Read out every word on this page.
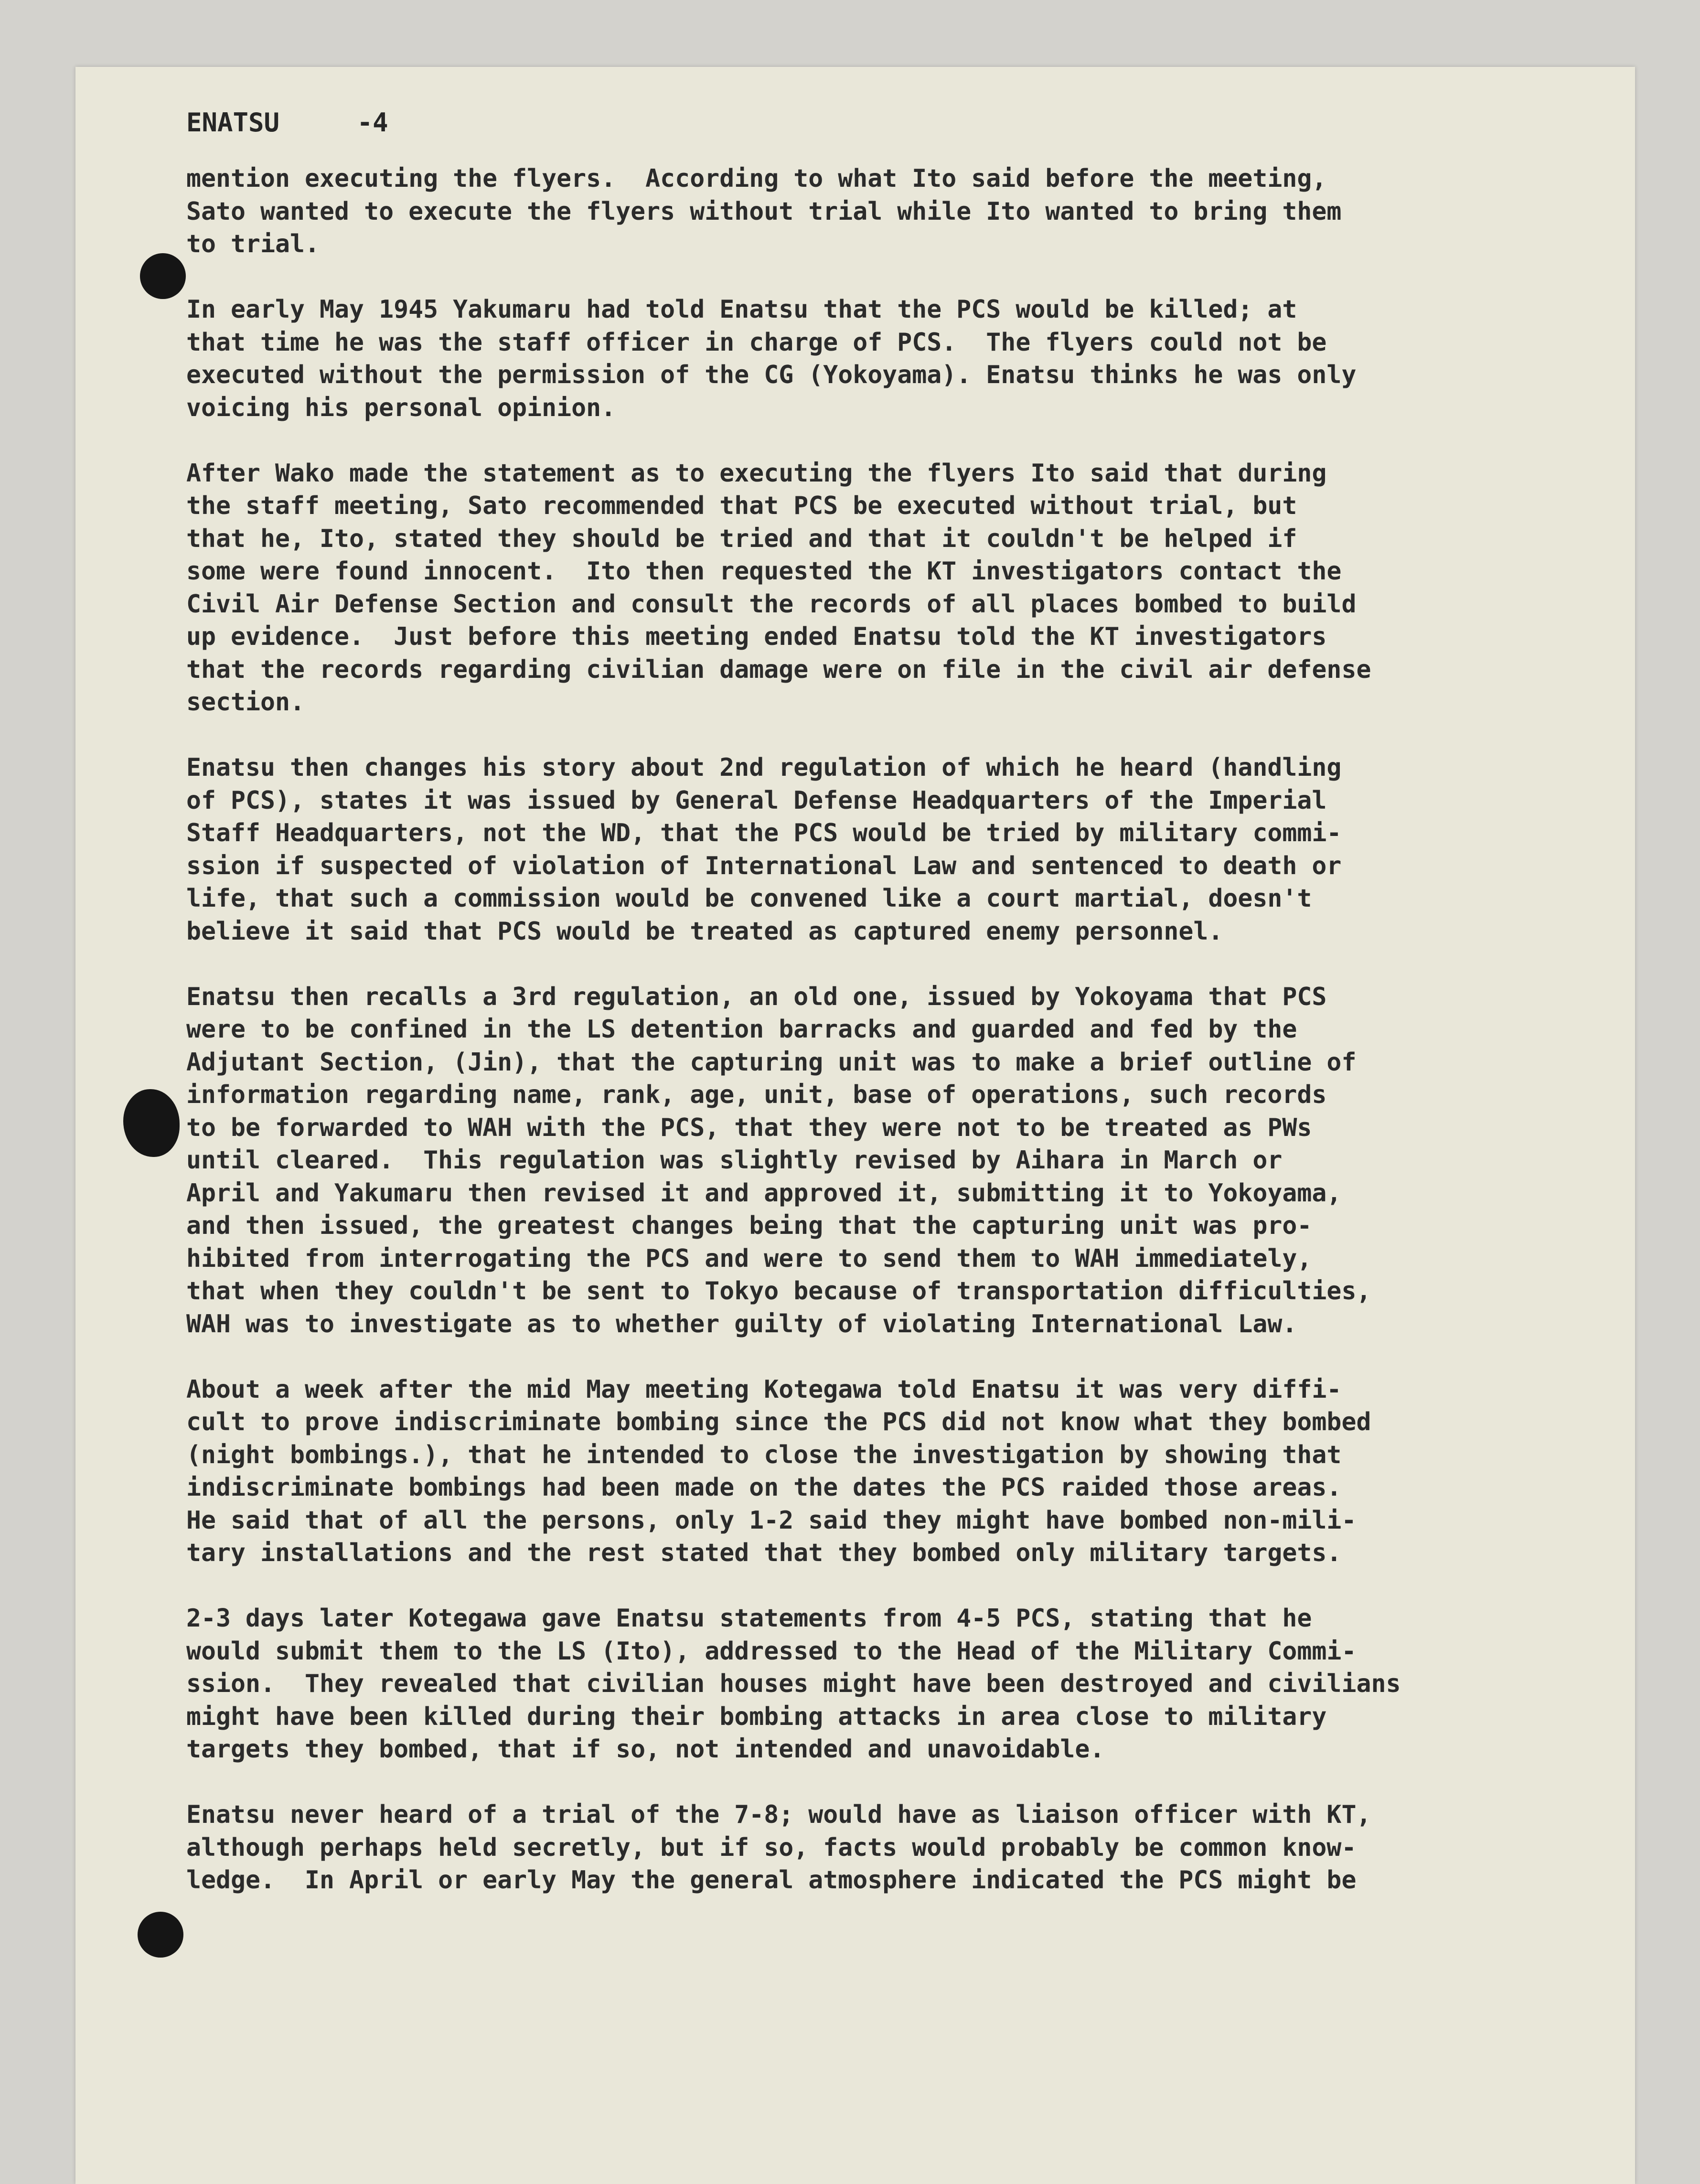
ENATSU	-4
mention executing the flyers.  According to what Ito said before the meeting,
Sato wanted to execute the flyers without trial while Ito wanted to bring them
to trial.
In early May 1945 Yakumaru had told Enatsu that the PCS would be killed; at
that time he was the staff officer in charge of PCS.  The flyers could not be
executed without the permission of the CG (Yokoyama). Enatsu thinks he was only
voicing his personal opinion.
After Wako made the statement as to executing the flyers Ito said that during
the staff meeting, Sato recommended that PCS be executed without trial, but
that he, Ito, stated they should be tried and that it couldn't be helped if
some were found innocent.  Ito then requested the KT investigators contact the
Civil Air Defense Section and consult the records of all places bombed to build
up evidence.  Just before this meeting ended Enatsu told the KT investigators
that the records regarding civilian damage were on file in the civil air defense
section.
Enatsu then changes his story about 2nd regulation of which he heard (handling
of PCS), states it was issued by General Defense Headquarters of the Imperial
Staff Headquarters, not the WD, that the PCS would be tried by military commi-
ssion if suspected of violation of International Law and sentenced to death or
life, that such a commission would be convened like a court martial, doesn't
believe it said that PCS would be treated as captured enemy personnel.
Enatsu then recalls a 3rd regulation, an old one, issued by Yokoyama that PCS
were to be confined in the LS detention barracks and guarded and fed by the
Adjutant Section, (Jin), that the capturing unit was to make a brief outline of
information regarding name, rank, age, unit, base of operations, such records
to be forwarded to WAH with the PCS, that they were not to be treated as PWs
until cleared.  This regulation was slightly revised by Aihara in March or
April and Yakumaru then revised it and approved it, submitting it to Yokoyama,
and then issued, the greatest changes being that the capturing unit was pro-
hibited from interrogating the PCS and were to send them to WAH immediately,
that when they couldn't be sent to Tokyo because of transportation difficulties,
WAH was to investigate as to whether guilty of violating International Law.
About a week after the mid May meeting Kotegawa told Enatsu it was very diffi-
cult to prove indiscriminate bombing since the PCS did not know what they bombed
(night bombings.), that he intended to close the investigation by showing that
indiscriminate bombings had been made on the dates the PCS raided those areas.
He said that of all the persons, only 1-2 said they might have bombed non-mili-
tary installations and the rest stated that they bombed only military targets.
2-3 days later Kotegawa gave Enatsu statements from 4-5 PCS, stating that he
would submit them to the LS (Ito), addressed to the Head of the Military Commi-
ssion.  They revealed that civilian houses might have been destroyed and civilians
might have been killed during their bombing attacks in area close to military
targets they bombed, that if so, not intended and unavoidable.
Enatsu never heard of a trial of the 7-8; would have as liaison officer with KT,
although perhaps held secretly, but if so, facts would probably be common know-
ledge.  In April or early May the general atmosphere indicated the PCS might be
